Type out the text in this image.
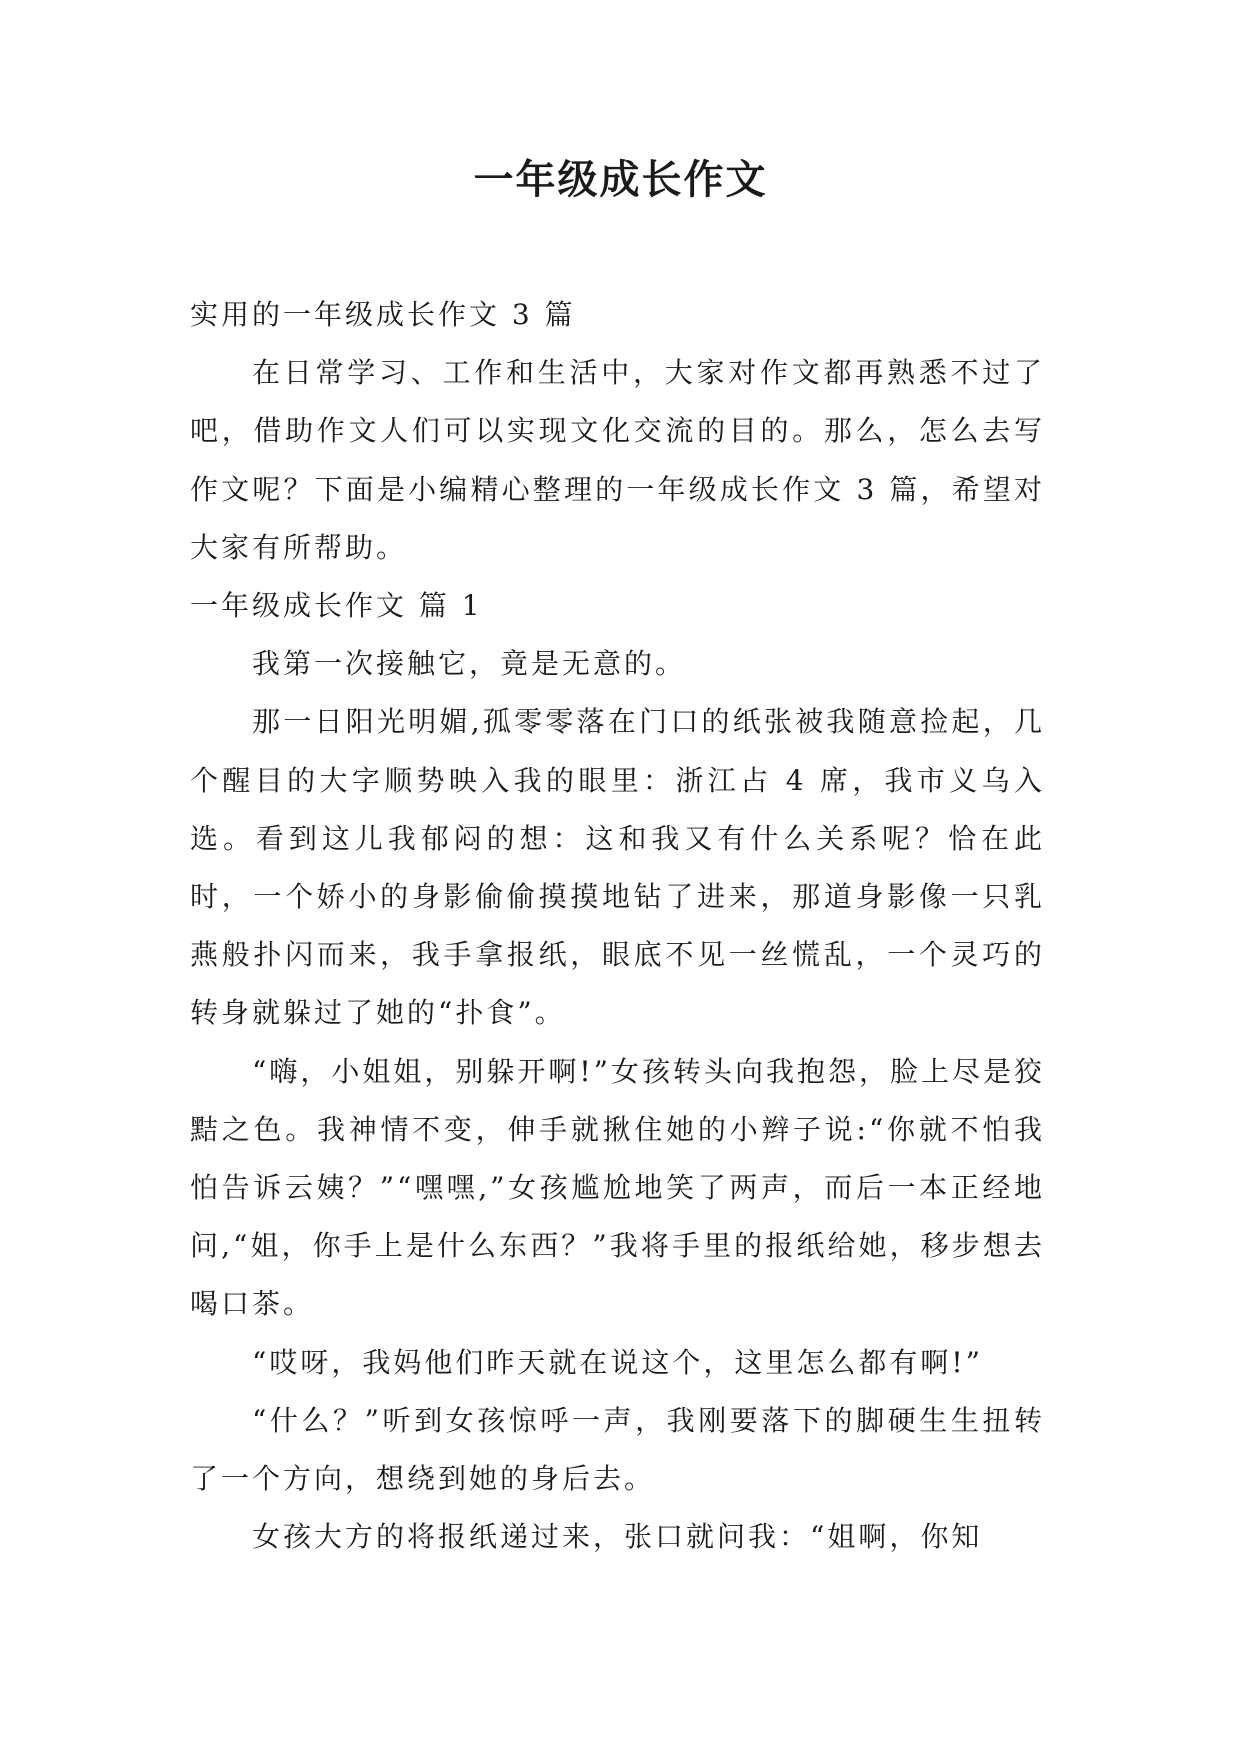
一年级成长作文

实用的一年级成长作文 3 篇

在日常学习、工作和生活中，大家对作文都再熟悉不过了吧，借助作文人们可以实现文化交流的目的。那么，怎么去写作文呢？下面是小编精心整理的一年级成长作文 3 篇，希望对大家有所帮助。

一年级成长作文 篇 1

我第一次接触它，竟是无意的。

那一日阳光明媚,孤零零落在门口的纸张被我随意捡起，几个醒目的大字顺势映入我的眼里：浙江占 4 席，我市义乌入选。看到这儿我郁闷的想：这和我又有什么关系呢？恰在此时，一个娇小的身影偷偷摸摸地钻了进来，那道身影像一只乳燕般扑闪而来，我手拿报纸，眼底不见一丝慌乱，一个灵巧的转身就躲过了她的“扑食”。

“嗨，小姐姐，别躲开啊!”女孩转头向我抱怨，脸上尽是狡黠之色。我神情不变，伸手就揪住她的小辫子说:“你就不怕我怕告诉云姨？”“嘿嘿,”女孩尴尬地笑了两声，而后一本正经地问,“姐，你手上是什么东西？”我将手里的报纸给她，移步想去喝口茶。

“哎呀，我妈他们昨天就在说这个，这里怎么都有啊!”

“什么？”听到女孩惊呼一声，我刚要落下的脚硬生生扭转了一个方向，想绕到她的身后去。

女孩大方的将报纸递过来，张口就问我：“姐啊，你知
